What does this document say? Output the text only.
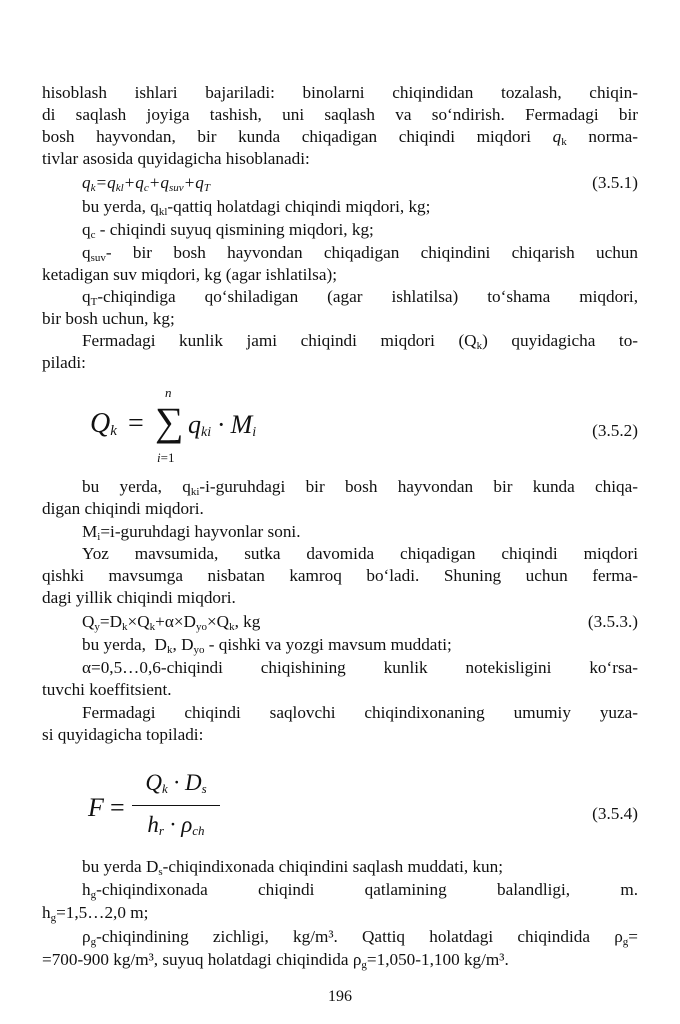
hisoblash ishlari bajariladi: binolarni chiqindidan tozalash, chiqin-
di saqlash joyiga tashish, uni saqlash va so‘ndirish. Fermadagi bir
bosh hayvondan, bir kunda chiqadigan chiqindi miqdori $q_k$ norma-
tivlar asosida quyidagicha hisoblanadi:
$q_k=q_{kl}+q_c+q_{suv}+q_T$	(3.5.1)
bu yerda, $q_{kl}$-qattiq holatdagi chiqindi miqdori, kg;
$q_c$ - chiqindi suyuq qismining miqdori, kg;
$q_{suv}-$ bir bosh hayvondan chiqadigan chiqindini chiqarish uchun
ketadigan suv miqdori, kg (agar ishlatilsa);
$q_T$-chiqindiga qo‘shiladigan (agar ishlatilsa) to‘shama miqdori,
bir bosh uchun, kg;
Fermadagi kunlik jami chiqindi miqdori $(Q_k)$ quyidagicha to-
piladi:
n
$Q_k$ = ∑ $q_{ki} \cdot M_i$
i=1
(3.5.2)
bu yerda, $q_{ki}-i$-guruhdagi bir bosh hayvondan bir kunda chiqa-
digan chiqindi miqdori.
$M_i=i$-guruhdagi hayvonlar soni.
Yoz mavsumida, sutka davomida chiqadigan chiqindi miqdori
qishki mavsumga nisbatan kamroq bo‘ladi. Shuning uchun ferma-
dagi yillik chiqindi miqdori.
$Q_y=D_k\times Q_k+\alpha\times D_{yo}\times Q_k$, kg	(3.5.3.)
bu yerda,  $D_k$, $D_{yo}$ - qishki va yozgi mavsum muddati;
α=0,5…0,6-chiqindi chiqishining kunlik notekisligini ko‘rsa-
tuvchi koeffitsient.
Fermadagi chiqindi saqlovchi chiqindixonaning umumiy yuza-
si quyidagicha topiladi:
F =
$Q_k \cdot D_s$
$h_r \cdot \rho_{ch}$
(3.5.4)
bu yerda $D_s$-chiqindixonada chiqindini saqlash muddati, kun;
$h_g$-chiqindixonada chiqindi qatlamining balandligi, m.
$h_g=1,5\dots 2,0$ m;
$\rho_g$-chiqindining zichligi, kg/m³. Qattiq holatdagi chiqindida $\rho_g=$
=700-900 kg/m³, suyuq holatdagi chiqindida $\rho_g=1,050-1,100$ kg/m³.
196
